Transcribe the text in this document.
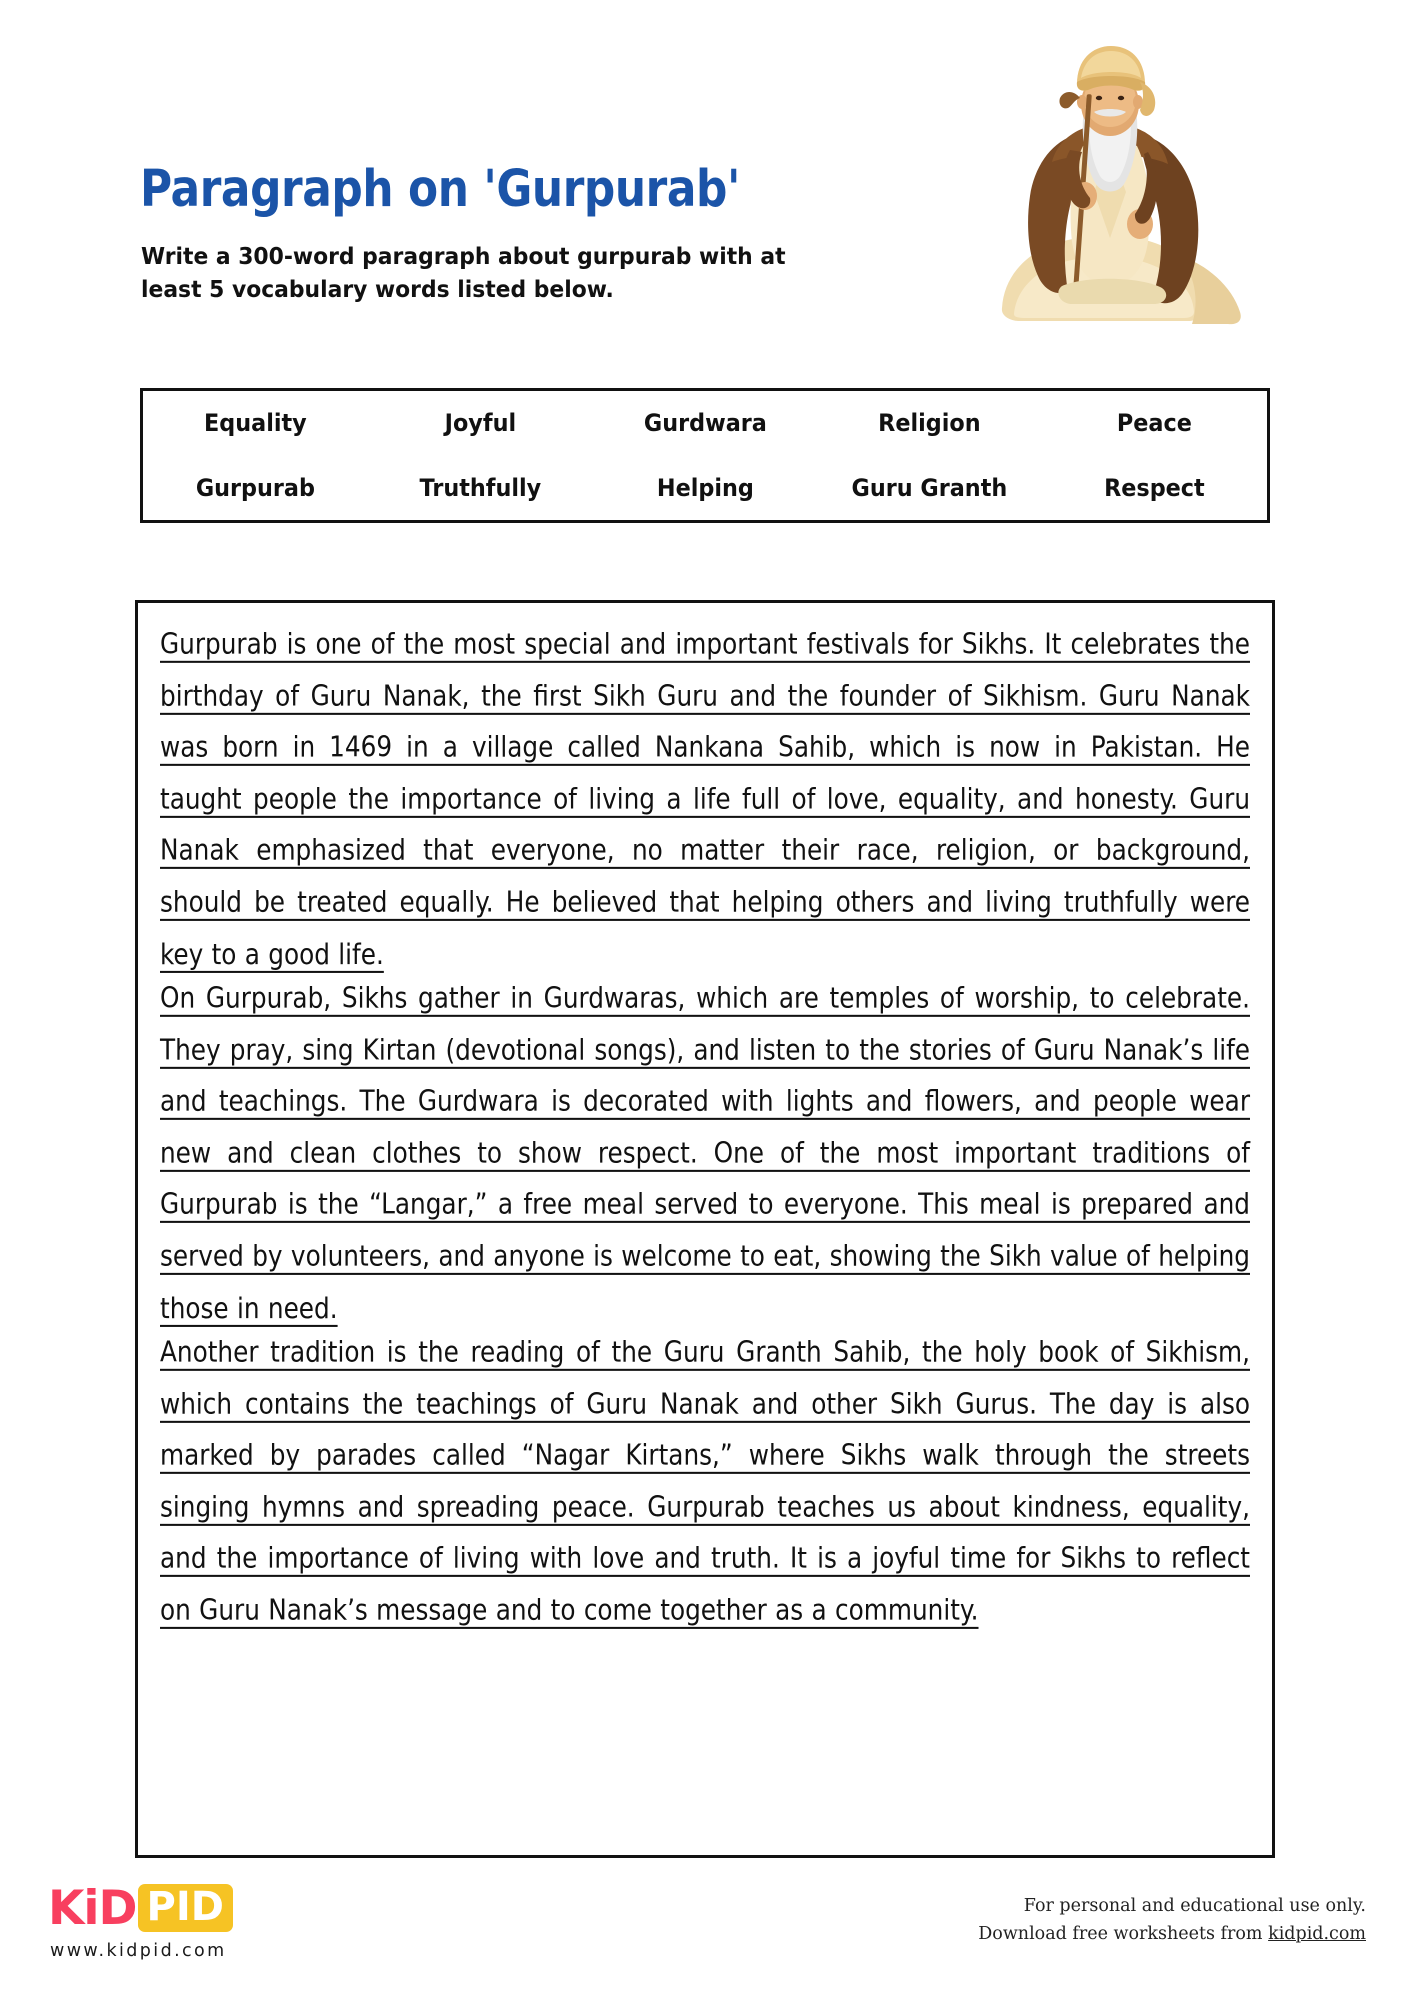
Paragraph on 'Gurpurab'
Write a 300-word paragraph about gurpurab with at least 5 vocabulary words listed below.
Equality	Joyful	Gurdwara	Religion	Peace
Gurpurab	Truthfully	Helping	Guru Granth	Respect

Gurpurab is one of the most special and important festivals for Sikhs. It celebrates the birthday of Guru Nanak, the first Sikh Guru and the founder of Sikhism. Guru Nanak was born in 1469 in a village called Nankana Sahib, which is now in Pakistan. He taught people the importance of living a life full of love, equality, and honesty. Guru Nanak emphasized that everyone, no matter their race, religion, or background, should be treated equally. He believed that helping others and living truthfully were key to a good life.

On Gurpurab, Sikhs gather in Gurdwaras, which are temples of worship, to celebrate. They pray, sing Kirtan (devotional songs), and listen to the stories of Guru Nanak’s life and teachings. The Gurdwara is decorated with lights and flowers, and people wear new and clean clothes to show respect. One of the most important traditions of Gurpurab is the “Langar,” a free meal served to everyone. This meal is prepared and served by volunteers, and anyone is welcome to eat, showing the Sikh value of helping those in need.

Another tradition is the reading of the Guru Granth Sahib, the holy book of Sikhism, which contains the teachings of Guru Nanak and other Sikh Gurus. The day is also marked by parades called “Nagar Kirtans,” where Sikhs walk through the streets singing hymns and spreading peace. Gurpurab teaches us about kindness, equality, and the importance of living with love and truth. It is a joyful time for Sikhs to reflect on Guru Nanak’s message and to come together as a community.

KiD PID
www.kidpid.com
For personal and educational use only.
Download free worksheets from kidpid.com
